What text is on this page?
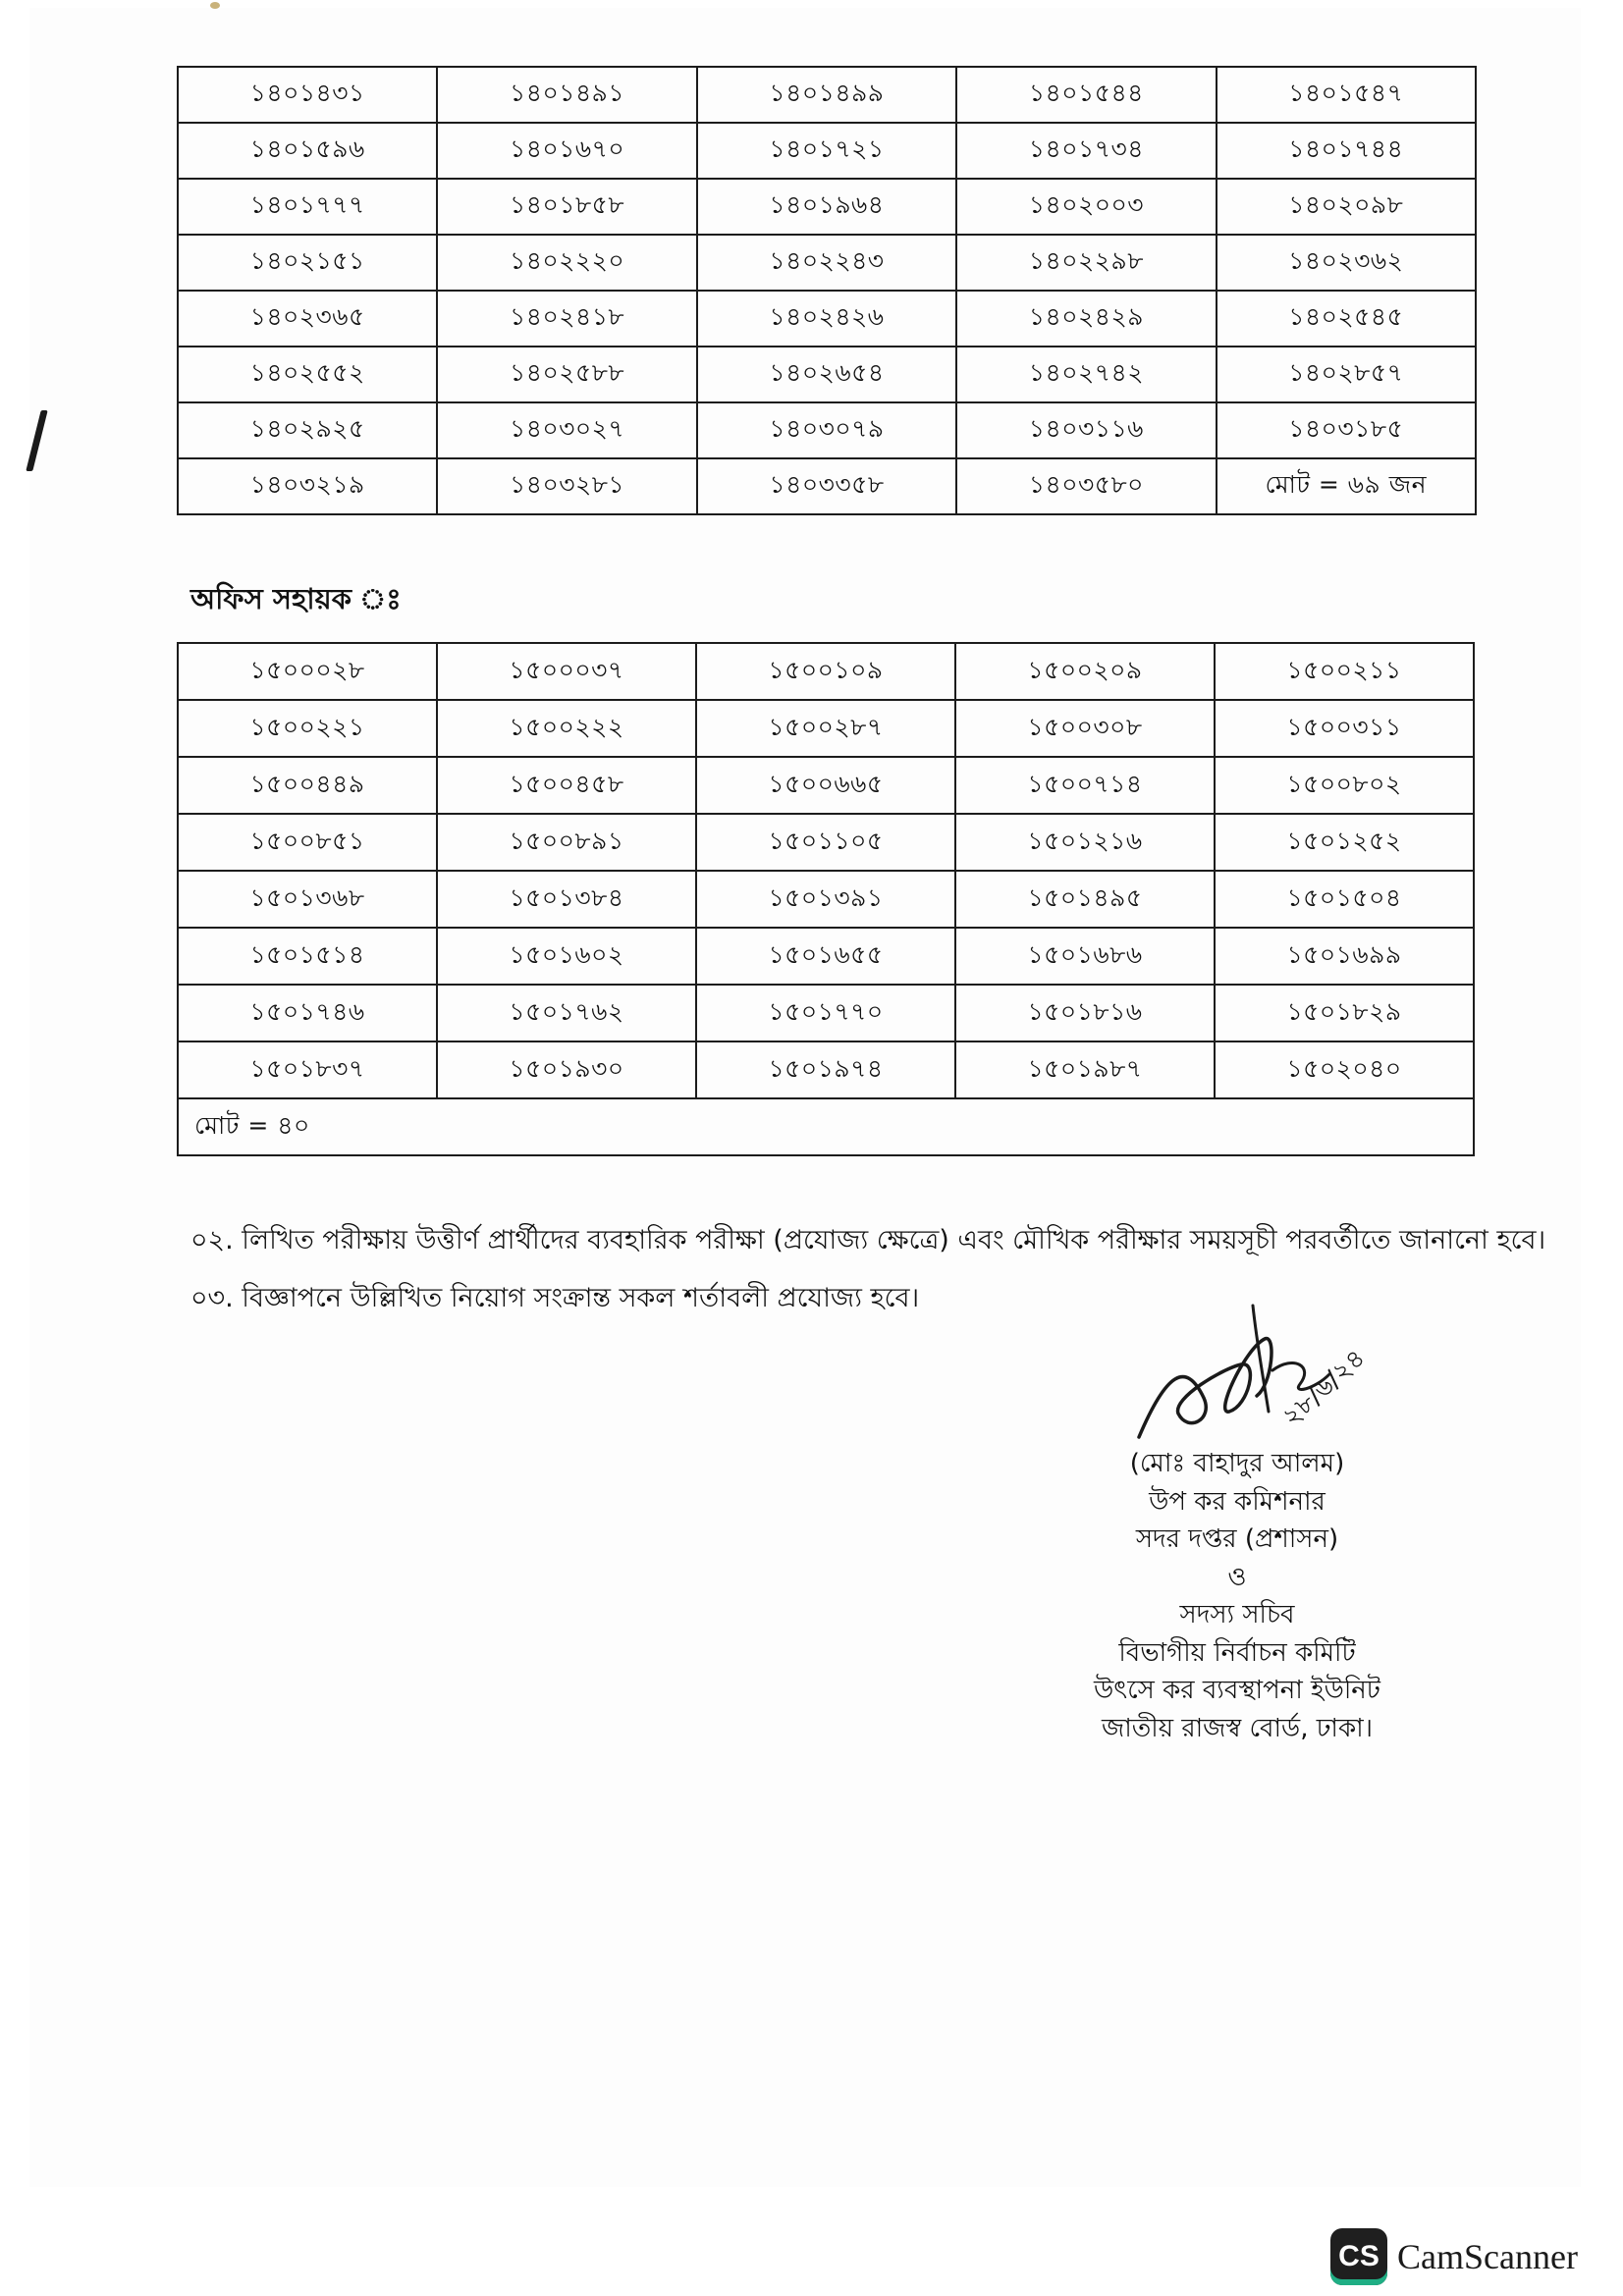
১৪০১৪৩১	১৪০১৪৯১	১৪০১৪৯৯	১৪০১৫৪৪	১৪০১৫৪৭
১৪০১৫৯৬	১৪০১৬৭০	১৪০১৭২১	১৪০১৭৩৪	১৪০১৭৪৪
১৪০১৭৭৭	১৪০১৮৫৮	১৪০১৯৬৪	১৪০২০০৩	১৪০২০৯৮
১৪০২১৫১	১৪০২২২০	১৪০২২৪৩	১৪০২২৯৮	১৪০২৩৬২
১৪০২৩৬৫	১৪০২৪১৮	১৪০২৪২৬	১৪০২৪২৯	১৪০২৫৪৫
১৪০২৫৫২	১৪০২৫৮৮	১৪০২৬৫৪	১৪০২৭৪২	১৪০২৮৫৭
১৪০২৯২৫	১৪০৩০২৭	১৪০৩০৭৯	১৪০৩১১৬	১৪০৩১৮৫
১৪০৩২১৯	১৪০৩২৮১	১৪০৩৩৫৮	১৪০৩৫৮০	মোট = ৬৯ জন
অফিস সহায়ক ঃ
১৫০০০২৮	১৫০০০৩৭	১৫০০১০৯	১৫০০২০৯	১৫০০২১১
১৫০০২২১	১৫০০২২২	১৫০০২৮৭	১৫০০৩০৮	১৫০০৩১১
১৫০০৪৪৯	১৫০০৪৫৮	১৫০০৬৬৫	১৫০০৭১৪	১৫০০৮০২
১৫০০৮৫১	১৫০০৮৯১	১৫০১১০৫	১৫০১২১৬	১৫০১২৫২
১৫০১৩৬৮	১৫০১৩৮৪	১৫০১৩৯১	১৫০১৪৯৫	১৫০১৫০৪
১৫০১৫১৪	১৫০১৬০২	১৫০১৬৫৫	১৫০১৬৮৬	১৫০১৬৯৯
১৫০১৭৪৬	১৫০১৭৬২	১৫০১৭৭০	১৫০১৮১৬	১৫০১৮২৯
১৫০১৮৩৭	১৫০১৯৩০	১৫০১৯৭৪	১৫০১৯৮৭	১৫০২০৪০
মোট = ৪০				
০২. লিখিত পরীক্ষায় উত্তীর্ণ প্রার্থীদের ব্যবহারিক পরীক্ষা (প্রযোজ্য ক্ষেত্রে) এবং মৌখিক পরীক্ষার সময়সূচী পরবর্তীতে জানানো হবে।
০৩. বিজ্ঞাপনে উল্লিখিত নিয়োগ সংক্রান্ত সকল শর্তাবলী প্রযোজ্য হবে।
২৮/৬/২৪
(মোঃ বাহাদুর আলম)
উপ কর কমিশনার
সদর দপ্তর (প্রশাসন)
ও
সদস্য সচিব
বিভাগীয় নির্বাচন কমিটি
উৎসে কর ব্যবস্থাপনা ইউনিট
জাতীয় রাজস্ব বোর্ড, ঢাকা।
CS CamScanner
